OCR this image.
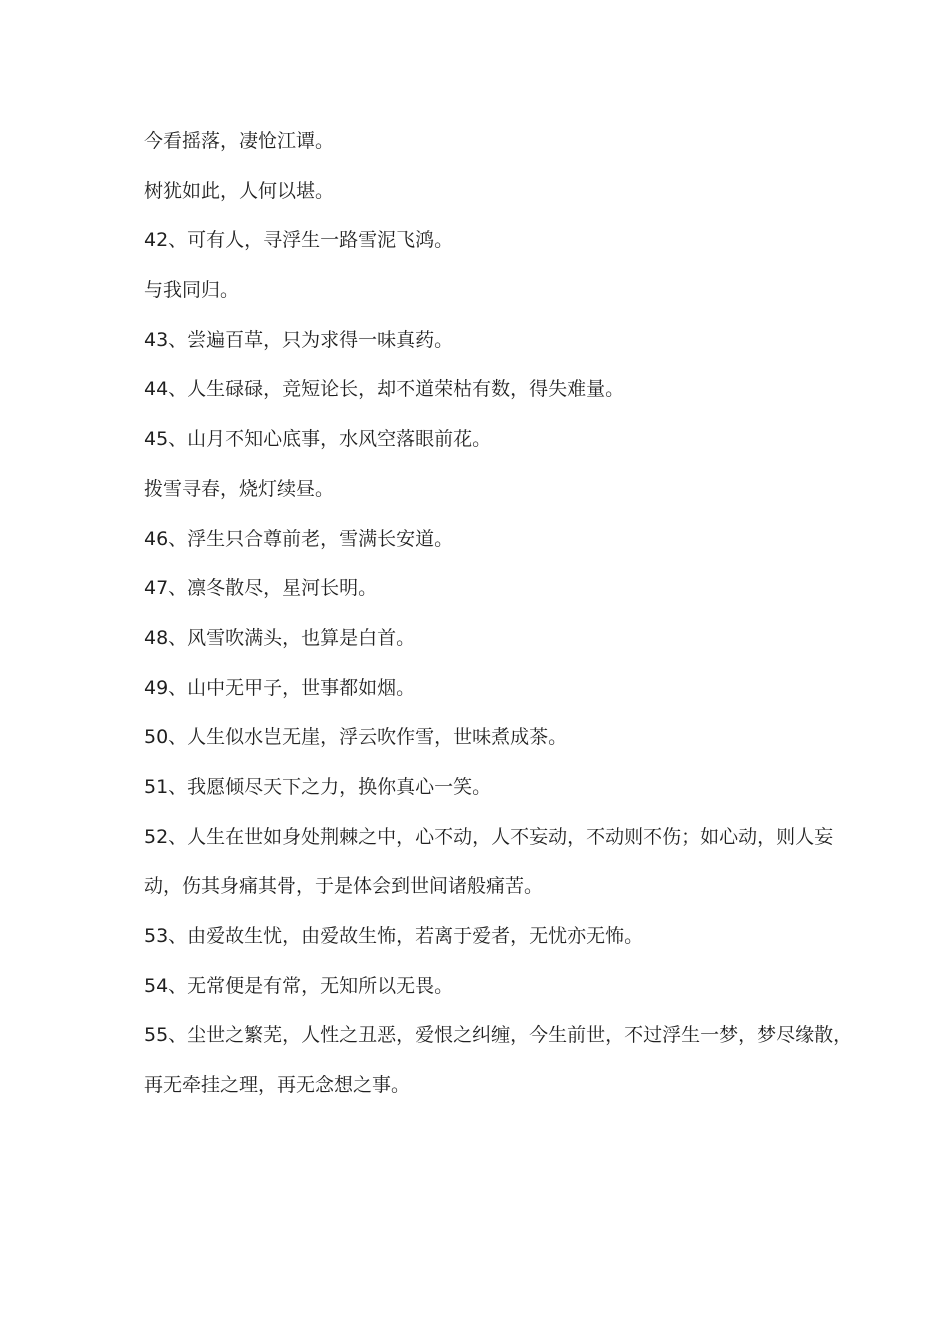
今看摇落，凄怆江谭。
树犹如此，人何以堪。
42、可有人，寻浮生一路雪泥飞鸿。
与我同归。
43、尝遍百草，只为求得一味真药。
44、人生碌碌，竞短论长，却不道荣枯有数，得失难量。
45、山月不知心底事，水风空落眼前花。
拨雪寻春，烧灯续昼。
46、浮生只合尊前老，雪满长安道。
47、凛冬散尽，星河长明。
48、风雪吹满头，也算是白首。
49、山中无甲子，世事都如烟。
50、人生似水岂无崖，浮云吹作雪，世味煮成茶。
51、我愿倾尽天下之力，换你真心一笑。
52、人生在世如身处荆棘之中，心不动，人不妄动，不动则不伤；如心动，则人妄
动，伤其身痛其骨，于是体会到世间诸般痛苦。
53、由爱故生忧，由爱故生怖，若离于爱者，无忧亦无怖。
54、无常便是有常，无知所以无畏。
55、尘世之繁芜，人性之丑恶，爱恨之纠缠，今生前世，不过浮生一梦，梦尽缘散，
再无牵挂之理，再无念想之事。
